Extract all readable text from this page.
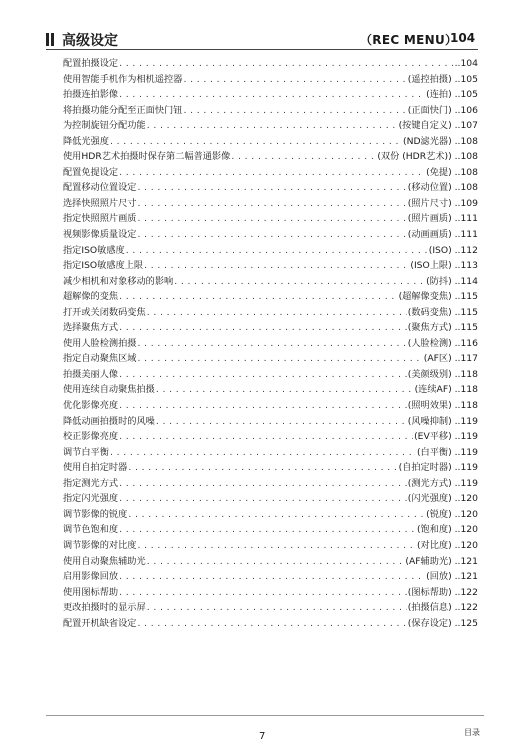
高级设定	（REC MENU）
104
配置拍摄设定 . . .	..104
使用智能手机作为相机遥控器 . . .	(遥控拍摄) ..105
拍摄连拍影像 . . .	(连拍) ..105
将拍摄功能分配至正面快门钮 . . .	(正面快门) ..106
为控制旋钮分配功能 . . .	(按键自定义) ..107
降低光强度 . . .	(ND滤光器) ..108
使用HDR艺术拍摄时保存第二幅普通影像 . . .	(双份 (HDR艺术)) ..108
配置免提设定 . . .	(免提) ..108
配置移动位置设定 . . .	(移动位置) ..108
选择快照照片尺寸 . . .	(照片尺寸) ..109
指定快照照片画质 . . .	(照片画质) ..111
视频影像质量设定 . . .	(动画画质) ..111
指定ISO敏感度 . . .	(ISO) ..112
指定ISO敏感度上限 . . .	(ISO上限) ..113
减少相机和对象移动的影响 . . .	(防抖) ..114
超解像的变焦 . . .	(超解像变焦) ..115
打开或关闭数码变焦 . . .	(数码变焦) ..115
选择聚焦方式 . . .	(聚焦方式) ..115
使用人脸检测拍摄 . . .	(人脸检测) ..116
指定自动聚焦区域 . . .	(AF区) ..117
拍摄美丽人像 . . .	(美颜级别) ..118
使用连续自动聚焦拍摄 . . .	(连续AF) ..118
优化影像亮度 . . .	(照明效果) ..118
降低动画拍摄时的风噪 . . .	(风噪抑制) ..119
校正影像亮度 . . .	(EV平移) ..119
调节白平衡 . . .	(白平衡) ..119
使用自拍定时器 . . .	(自拍定时器) ..119
指定测光方式 . . .	(测光方式) ..119
指定闪光强度 . . .	(闪光强度) ..120
调节影像的锐度 . . .	(锐度) ..120
调节色饱和度 . . .	(饱和度) ..120
调节影像的对比度 . . .	(对比度) ..120
使用自动聚焦辅助光 . . .	(AF辅助光) ..121
启用影像回放 . . .	(回放) ..121
使用图标帮助 . . .	(图标帮助) ..122
更改拍摄时的显示屏 . . .	(拍摄信息) ..122
配置开机缺省设定 . . .	(保存设定) ..125
7	目录
